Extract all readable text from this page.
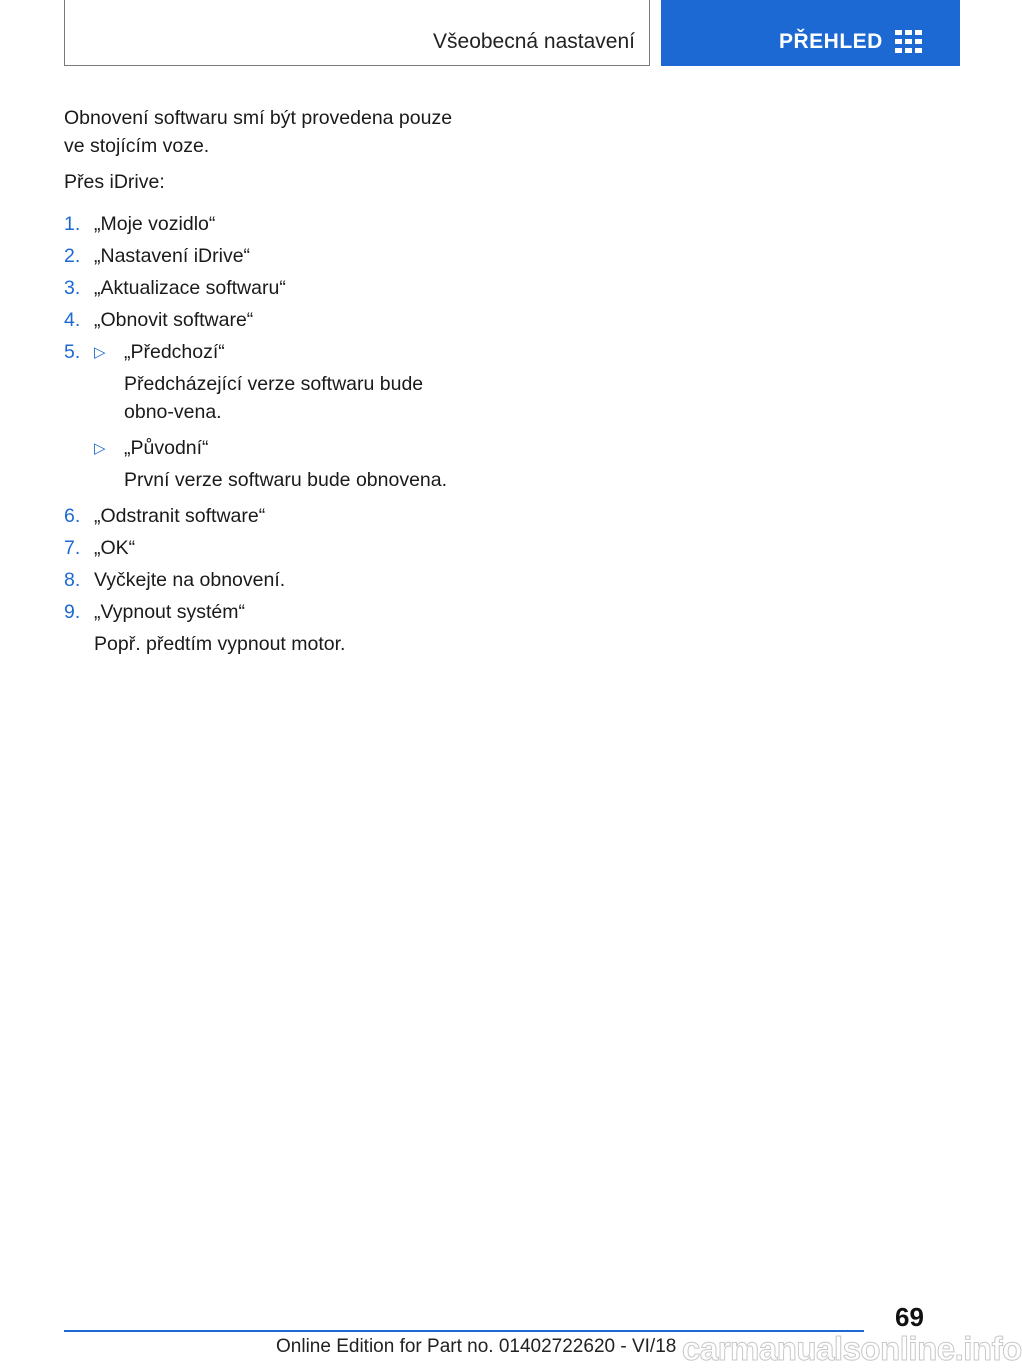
Všeobecná nastavení	PŘEHLED

Obnovení softwaru smí být provedena pouze ve stojícím voze.

Přes iDrive:

1. „Moje vozidlo“
2. „Nastavení iDrive“
3. „Aktualizace softwaru“
4. „Obnovit software“
5. ▷ „Předchozí“
Předcházející verze softwaru bude obno‐vena.
▷ „Původní“
První verze softwaru bude obnovena.
6. „Odstranit software“
7. „OK“
8. Vyčkejte na obnovení.
9. „Vypnout systém“
Popř. předtím vypnout motor.
69
Online Edition for Part no. 01402722620 - VI/18 carmanualsonline.info
